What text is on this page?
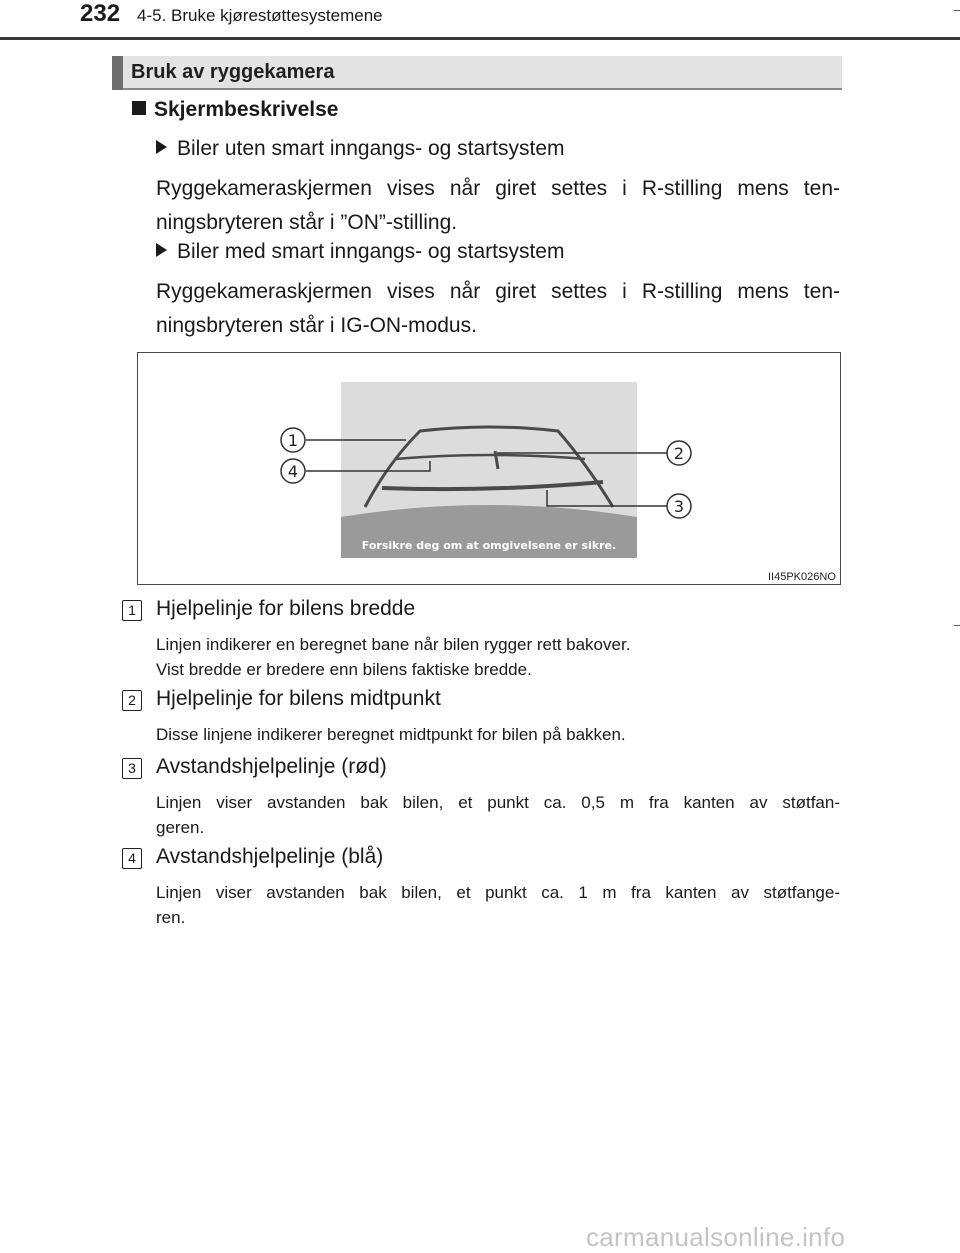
232 4-5. Bruke kjørestøttesystemene
Bruk av ryggekamera
Skjermbeskrivelse
Biler uten smart inngangs- og startsystem
Ryggekameraskjermen vises når giret settes i R-stilling mens ten-
ningsbryteren står i ”ON”-stilling.
Biler med smart inngangs- og startsystem
Ryggekameraskjermen vises når giret settes i R-stilling mens ten-
ningsbryteren står i IG-ON-modus.
Forsikre deg om at omgivelsene er sikre.
1
2
3
4
II45PK026NO
1 Hjelpelinje for bilens bredde
Linjen indikerer en beregnet bane når bilen rygger rett bakover.
Vist bredde er bredere enn bilens faktiske bredde.
2 Hjelpelinje for bilens midtpunkt
Disse linjene indikerer beregnet midtpunkt for bilen på bakken.
3 Avstandshjelpelinje (rød)
Linjen viser avstanden bak bilen, et punkt ca. 0,5 m fra kanten av støtfan-
geren.
4 Avstandshjelpelinje (blå)
Linjen viser avstanden bak bilen, et punkt ca. 1 m fra kanten av støtfange-
ren.
carmanualsonline.info
